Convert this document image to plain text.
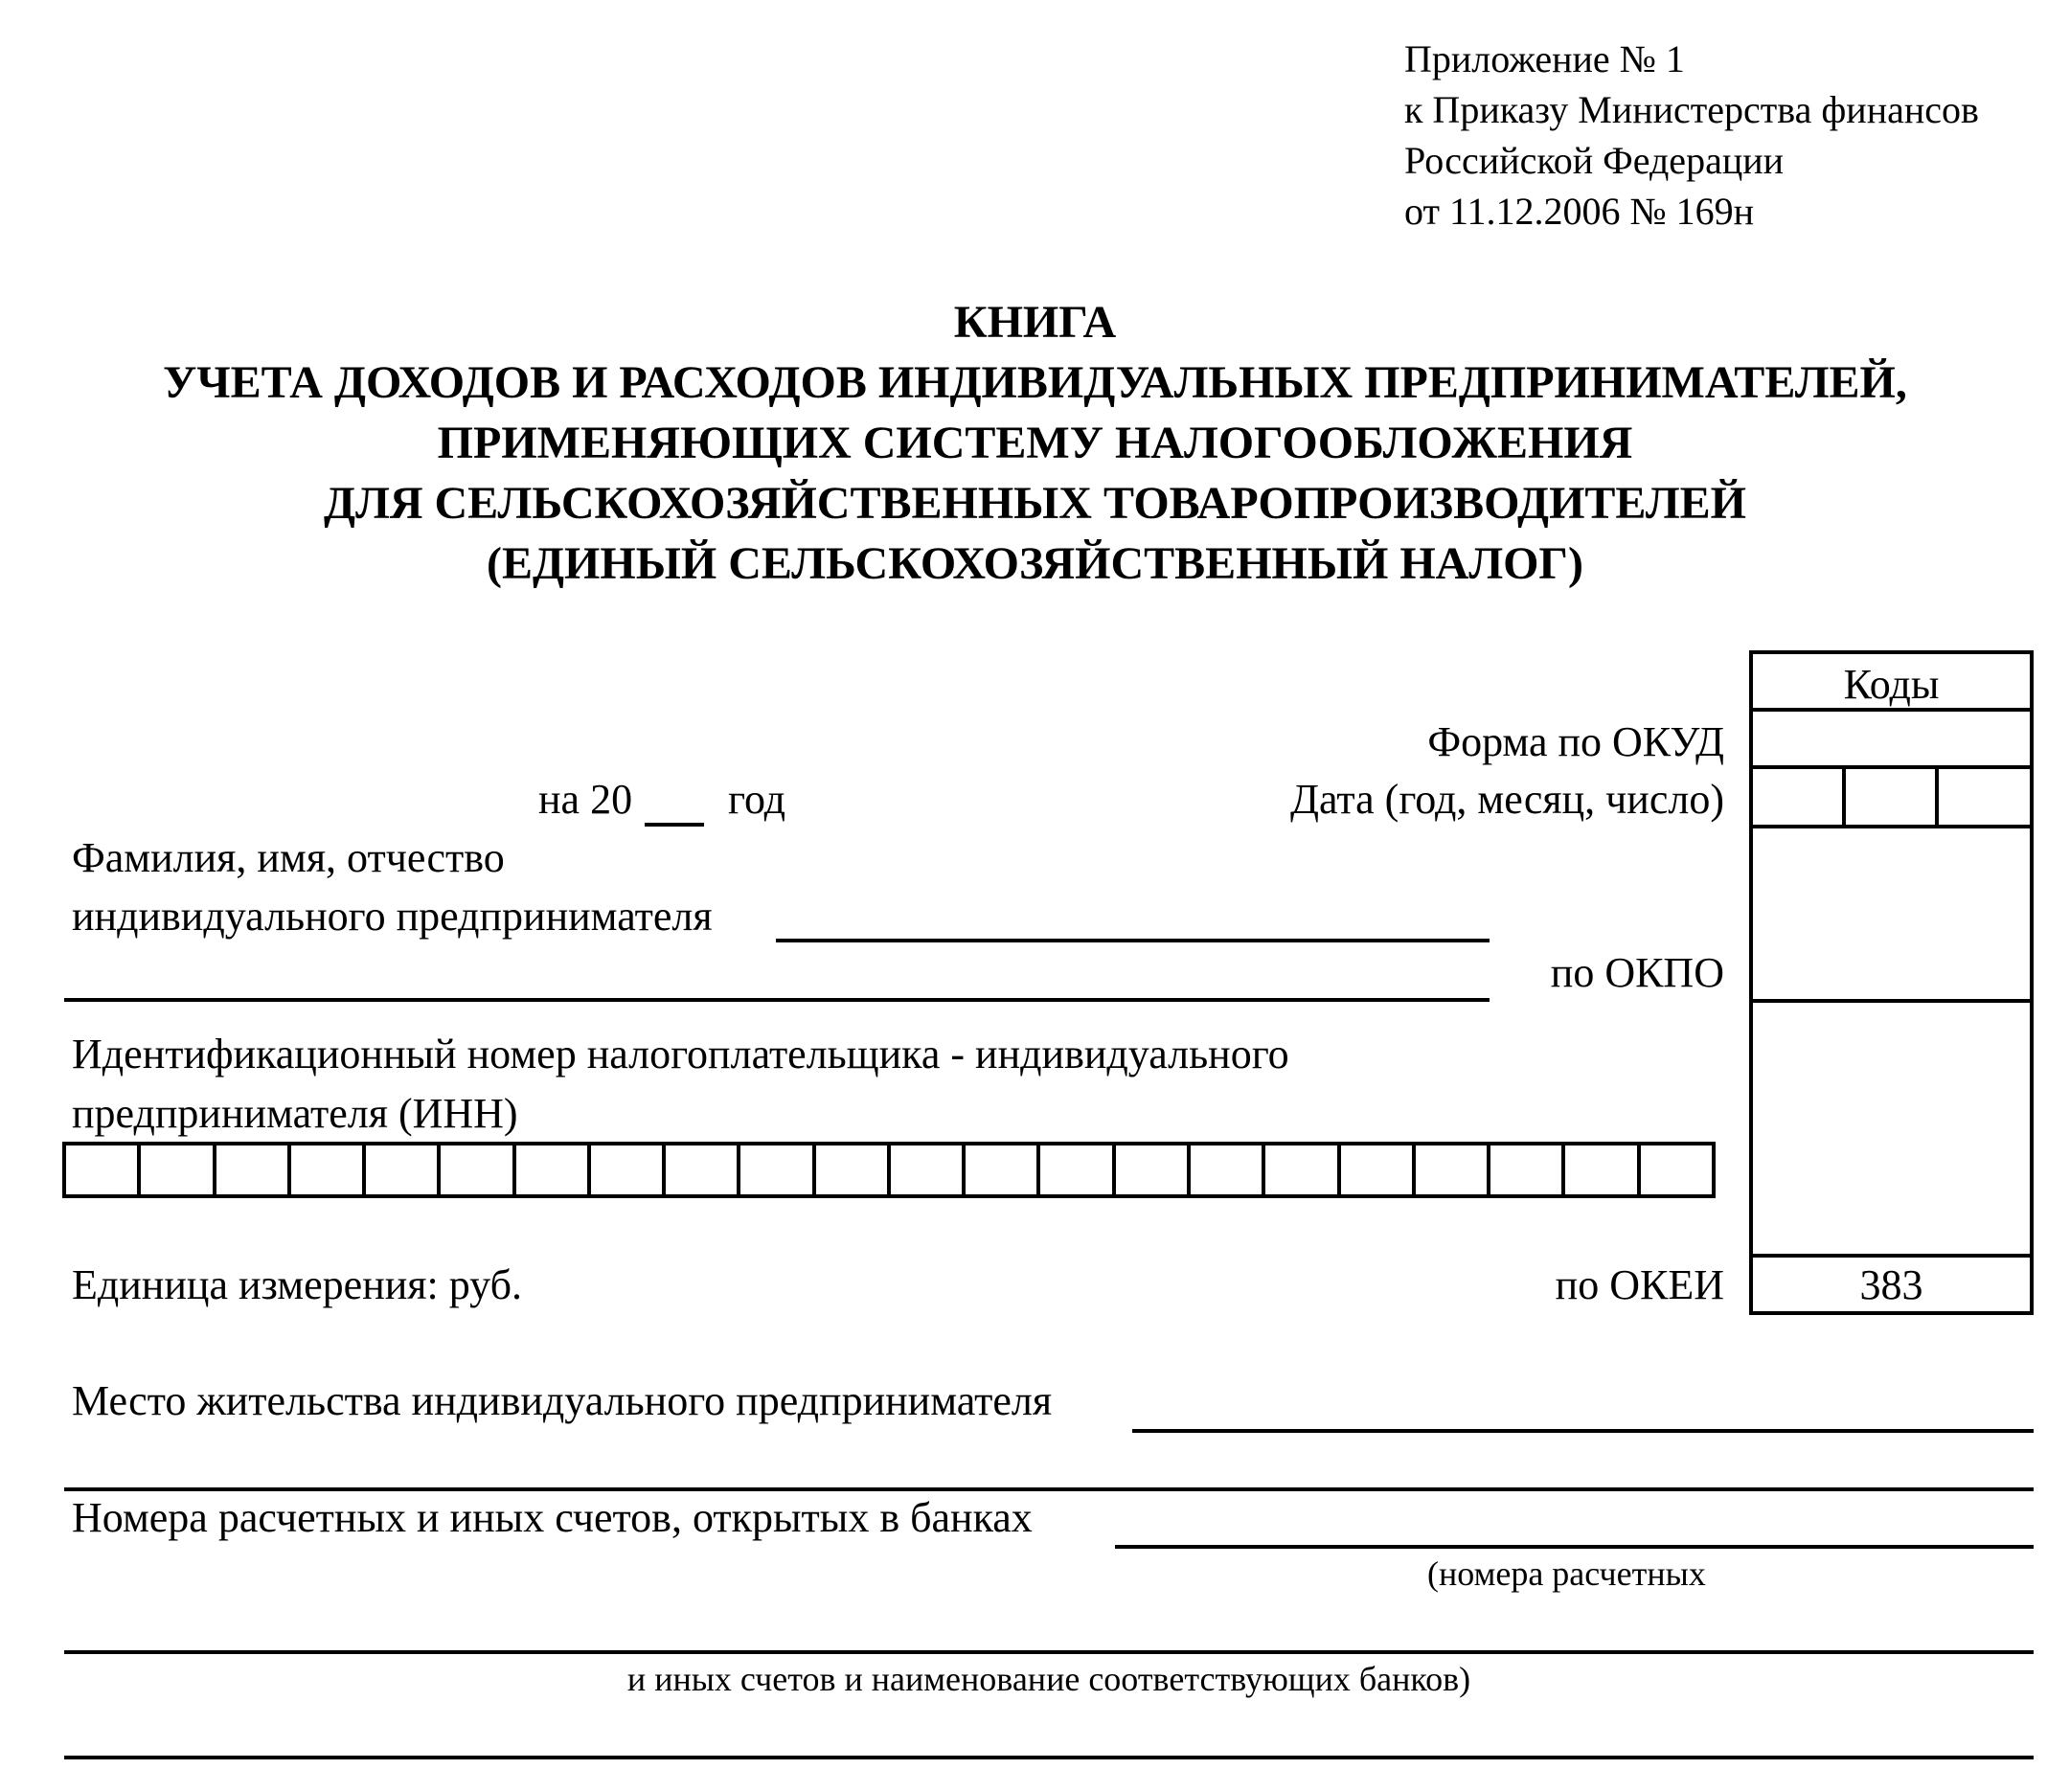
Приложение № 1
к Приказу Министерства финансов
Российской Федерации
от 11.12.2006 № 169н
КНИГА
УЧЕТА ДОХОДОВ И РАСХОДОВ ИНДИВИДУАЛЬНЫХ ПРЕДПРИНИМАТЕЛЕЙ,
ПРИМЕНЯЮЩИХ СИСТЕМУ НАЛОГООБЛОЖЕНИЯ
ДЛЯ СЕЛЬСКОХОЗЯЙСТВЕННЫХ ТОВАРОПРОИЗВОДИТЕЛЕЙ
(ЕДИНЫЙ СЕЛЬСКОХОЗЯЙСТВЕННЫЙ НАЛОГ)
Коды
383
Форма по ОКУД
Дата (год, месяц, число)
по ОКПО
по ОКЕИ
на 20 год
Фамилия, имя, отчество
индивидуального предпринимателя
Идентификационный номер налогоплательщика - индивидуального
предпринимателя (ИНН)
Единица измерения: руб.
Место жительства индивидуального предпринимателя
Номера расчетных и иных счетов, открытых в банках
(номера расчетных
и иных счетов и наименование соответствующих банков)
